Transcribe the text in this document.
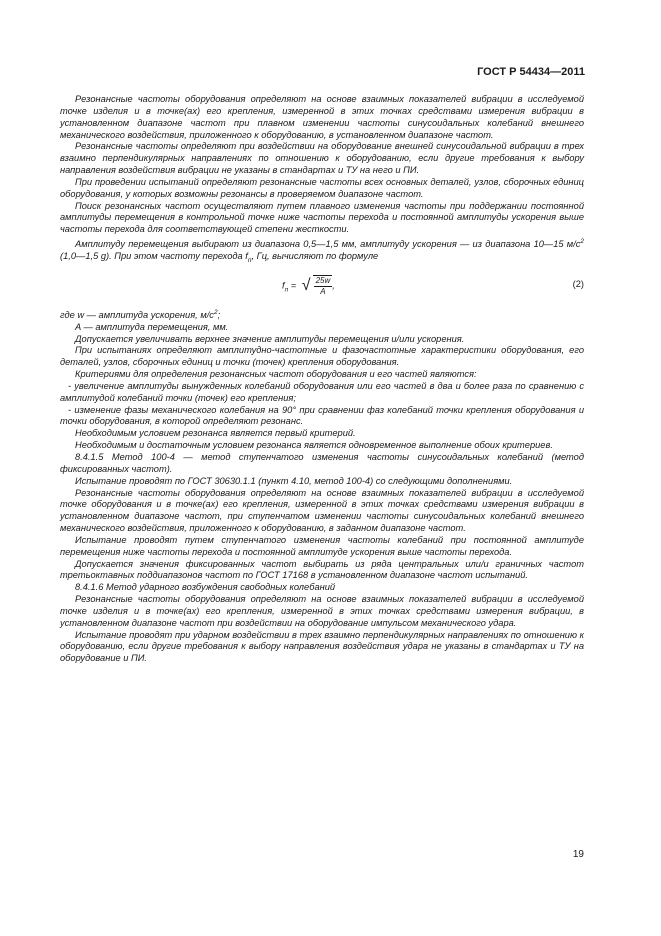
ГОСТ Р 54434—2011

Резонансные частоты оборудования определяют на основе взаимных показателей вибрации в исследуемой точке изделия и в точке(ах) его крепления, измеренной в этих точках средствами измерения вибрации в установленном диапазоне частот при плавном изменении частоты синусоидальных колебаний внешнего механического воздействия, приложенного к оборудованию, в установленном диапазоне частот.

Резонансные частоты определяют при воздействии на оборудование внешней синусоидальной вибрации в трех взаимно перпендикулярных направлениях по отношению к оборудованию, если другие требования к выбору направления воздействия вибрации не указаны в стандартах и ТУ на него и ПИ.

При проведении испытаний определяют резонансные частоты всех основных деталей, узлов, сборочных единиц оборудования, у которых возможны резонансы в проверяемом диапазоне частот.

Поиск резонансных частот осуществляют путем плавного изменения частоты при поддержании постоянной амплитуды перемещения в контрольной точке ниже частоты перехода и постоянной амплитуды ускорения выше частоты перехода для соответствующей степени жесткости.

Амплитуду перемещения выбирают из диапазона 0,5—1,5 мм, амплитуду ускорения — из диапазона 10—15 $м/с^2$ (1,0—1,5 g). При этом частоту перехода $f_п$, Гц, вычисляют по формуле

$f_п$ = √ $\frac{25w}{A}$ ,	(2)

где w — амплитуда ускорения, $м/с^2$;

A — амплитуда перемещения, мм.

Допускается увеличивать верхнее значение амплитуды перемещения и/или ускорения.

При испытаниях определяют амплитудно-частотные и фазочастотные характеристики оборудования, его деталей, узлов, сборочных единиц и точки (точек) крепления оборудования.

Критериями для определения резонансных частот оборудования и его частей являются:

- увеличение амплитуды вынужденных колебаний оборудования или его частей в два и более раза по сравнению с амплитудой колебаний точки (точек) его крепления;

- изменение фазы механического колебания на 90° при сравнении фаз колебаний точки крепления оборудования и точки оборудования, в которой определяют резонанс.

Необходимым условием резонанса является первый критерий.

Необходимым и достаточным условием резонанса является одновременное выполнение обоих критериев.

8.4.1.5 Метод 100-4 — метод ступенчатого изменения частоты синусоидальных колебаний (метод фиксированных частот).

Испытание проводят по ГОСТ 30630.1.1 (пункт 4.10, метод 100-4) со следующими дополнениями.

Резонансные частоты оборудования определяют на основе взаимных показателей вибрации в исследуемой точке оборудования и в точке(ах) его крепления, измеренной в этих точках средствами измерения вибрации в установленном диапазоне частот, при ступенчатом изменении частоты синусоидальных колебаний внешнего механического воздействия, приложенного к оборудованию, в заданном диапазоне частот.

Испытание проводят путем ступенчатого изменения частоты колебаний при постоянной амплитуде перемещения ниже частоты перехода и постоянной амплитуде ускорения выше частоты перехода.

Допускается значения фиксированных частот выбирать из ряда центральных или/и граничных частот третьоктавных поддиапазонов частот по ГОСТ 17168 в установленном диапазоне частот испытаний.

8.4.1.6 Метод ударного возбуждения свободных колебаний

Резонансные частоты оборудования определяют на основе взаимных показателей вибрации в исследуемой точке изделия и в точке(ах) его крепления, измеренной в этих точках средствами измерения вибрации, в установленном диапазоне частот при воздействии на оборудование импульсом механического удара.

Испытание проводят при ударном воздействии в трех взаимно перпендикулярных направлениях по отношению к оборудованию, если другие требования к выбору направления воздействия удара не указаны в стандартах и ТУ на оборудование и ПИ.

19
